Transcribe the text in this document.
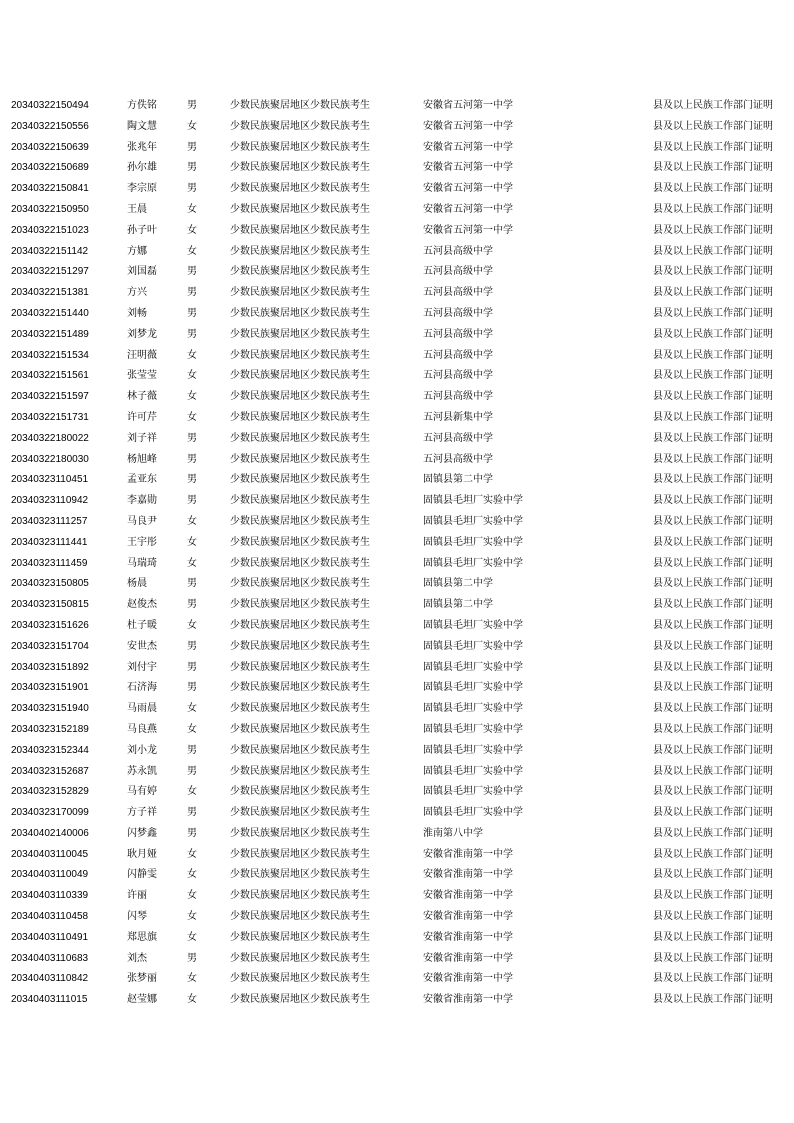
20340322150494	方佚铭	男	少数民族聚居地区少数民族考生	安徽省五河第一中学	县及以上民族工作部门证明
20340322150556	陶文慧	女	少数民族聚居地区少数民族考生	安徽省五河第一中学	县及以上民族工作部门证明
20340322150639	张兆年	男	少数民族聚居地区少数民族考生	安徽省五河第一中学	县及以上民族工作部门证明
20340322150689	孙尔雄	男	少数民族聚居地区少数民族考生	安徽省五河第一中学	县及以上民族工作部门证明
20340322150841	李宗原	男	少数民族聚居地区少数民族考生	安徽省五河第一中学	县及以上民族工作部门证明
20340322150950	王晨	女	少数民族聚居地区少数民族考生	安徽省五河第一中学	县及以上民族工作部门证明
20340322151023	孙子叶	女	少数民族聚居地区少数民族考生	安徽省五河第一中学	县及以上民族工作部门证明
20340322151142	方娜	女	少数民族聚居地区少数民族考生	五河县高级中学	县及以上民族工作部门证明
20340322151297	刘国磊	男	少数民族聚居地区少数民族考生	五河县高级中学	县及以上民族工作部门证明
20340322151381	方兴	男	少数民族聚居地区少数民族考生	五河县高级中学	县及以上民族工作部门证明
20340322151440	刘畅	男	少数民族聚居地区少数民族考生	五河县高级中学	县及以上民族工作部门证明
20340322151489	刘梦龙	男	少数民族聚居地区少数民族考生	五河县高级中学	县及以上民族工作部门证明
20340322151534	汪明薇	女	少数民族聚居地区少数民族考生	五河县高级中学	县及以上民族工作部门证明
20340322151561	张莹莹	女	少数民族聚居地区少数民族考生	五河县高级中学	县及以上民族工作部门证明
20340322151597	林子薇	女	少数民族聚居地区少数民族考生	五河县高级中学	县及以上民族工作部门证明
20340322151731	许可芹	女	少数民族聚居地区少数民族考生	五河县新集中学	县及以上民族工作部门证明
20340322180022	刘子祥	男	少数民族聚居地区少数民族考生	五河县高级中学	县及以上民族工作部门证明
20340322180030	杨旭峰	男	少数民族聚居地区少数民族考生	五河县高级中学	县及以上民族工作部门证明
20340323110451	孟亚东	男	少数民族聚居地区少数民族考生	固镇县第二中学	县及以上民族工作部门证明
20340323110942	李嘉勋	男	少数民族聚居地区少数民族考生	固镇县毛坦厂实验中学	县及以上民族工作部门证明
20340323111257	马良尹	女	少数民族聚居地区少数民族考生	固镇县毛坦厂实验中学	县及以上民族工作部门证明
20340323111441	王宇彤	女	少数民族聚居地区少数民族考生	固镇县毛坦厂实验中学	县及以上民族工作部门证明
20340323111459	马瑞琦	女	少数民族聚居地区少数民族考生	固镇县毛坦厂实验中学	县及以上民族工作部门证明
20340323150805	杨晨	男	少数民族聚居地区少数民族考生	固镇县第二中学	县及以上民族工作部门证明
20340323150815	赵俊杰	男	少数民族聚居地区少数民族考生	固镇县第二中学	县及以上民族工作部门证明
20340323151626	杜子暖	女	少数民族聚居地区少数民族考生	固镇县毛坦厂实验中学	县及以上民族工作部门证明
20340323151704	安世杰	男	少数民族聚居地区少数民族考生	固镇县毛坦厂实验中学	县及以上民族工作部门证明
20340323151892	刘付宇	男	少数民族聚居地区少数民族考生	固镇县毛坦厂实验中学	县及以上民族工作部门证明
20340323151901	石济海	男	少数民族聚居地区少数民族考生	固镇县毛坦厂实验中学	县及以上民族工作部门证明
20340323151940	马雨晨	女	少数民族聚居地区少数民族考生	固镇县毛坦厂实验中学	县及以上民族工作部门证明
20340323152189	马良燕	女	少数民族聚居地区少数民族考生	固镇县毛坦厂实验中学	县及以上民族工作部门证明
20340323152344	刘小龙	男	少数民族聚居地区少数民族考生	固镇县毛坦厂实验中学	县及以上民族工作部门证明
20340323152687	苏永凯	男	少数民族聚居地区少数民族考生	固镇县毛坦厂实验中学	县及以上民族工作部门证明
20340323152829	马有婷	女	少数民族聚居地区少数民族考生	固镇县毛坦厂实验中学	县及以上民族工作部门证明
20340323170099	方子祥	男	少数民族聚居地区少数民族考生	固镇县毛坦厂实验中学	县及以上民族工作部门证明
20340402140006	闪梦鑫	男	少数民族聚居地区少数民族考生	淮南第八中学	县及以上民族工作部门证明
20340403110045	耿月娅	女	少数民族聚居地区少数民族考生	安徽省淮南第一中学	县及以上民族工作部门证明
20340403110049	闪静雯	女	少数民族聚居地区少数民族考生	安徽省淮南第一中学	县及以上民族工作部门证明
20340403110339	许丽	女	少数民族聚居地区少数民族考生	安徽省淮南第一中学	县及以上民族工作部门证明
20340403110458	闪琴	女	少数民族聚居地区少数民族考生	安徽省淮南第一中学	县及以上民族工作部门证明
20340403110491	郑思旗	女	少数民族聚居地区少数民族考生	安徽省淮南第一中学	县及以上民族工作部门证明
20340403110683	刘杰	男	少数民族聚居地区少数民族考生	安徽省淮南第一中学	县及以上民族工作部门证明
20340403110842	张梦丽	女	少数民族聚居地区少数民族考生	安徽省淮南第一中学	县及以上民族工作部门证明
20340403111015	赵莹娜	女	少数民族聚居地区少数民族考生	安徽省淮南第一中学	县及以上民族工作部门证明
